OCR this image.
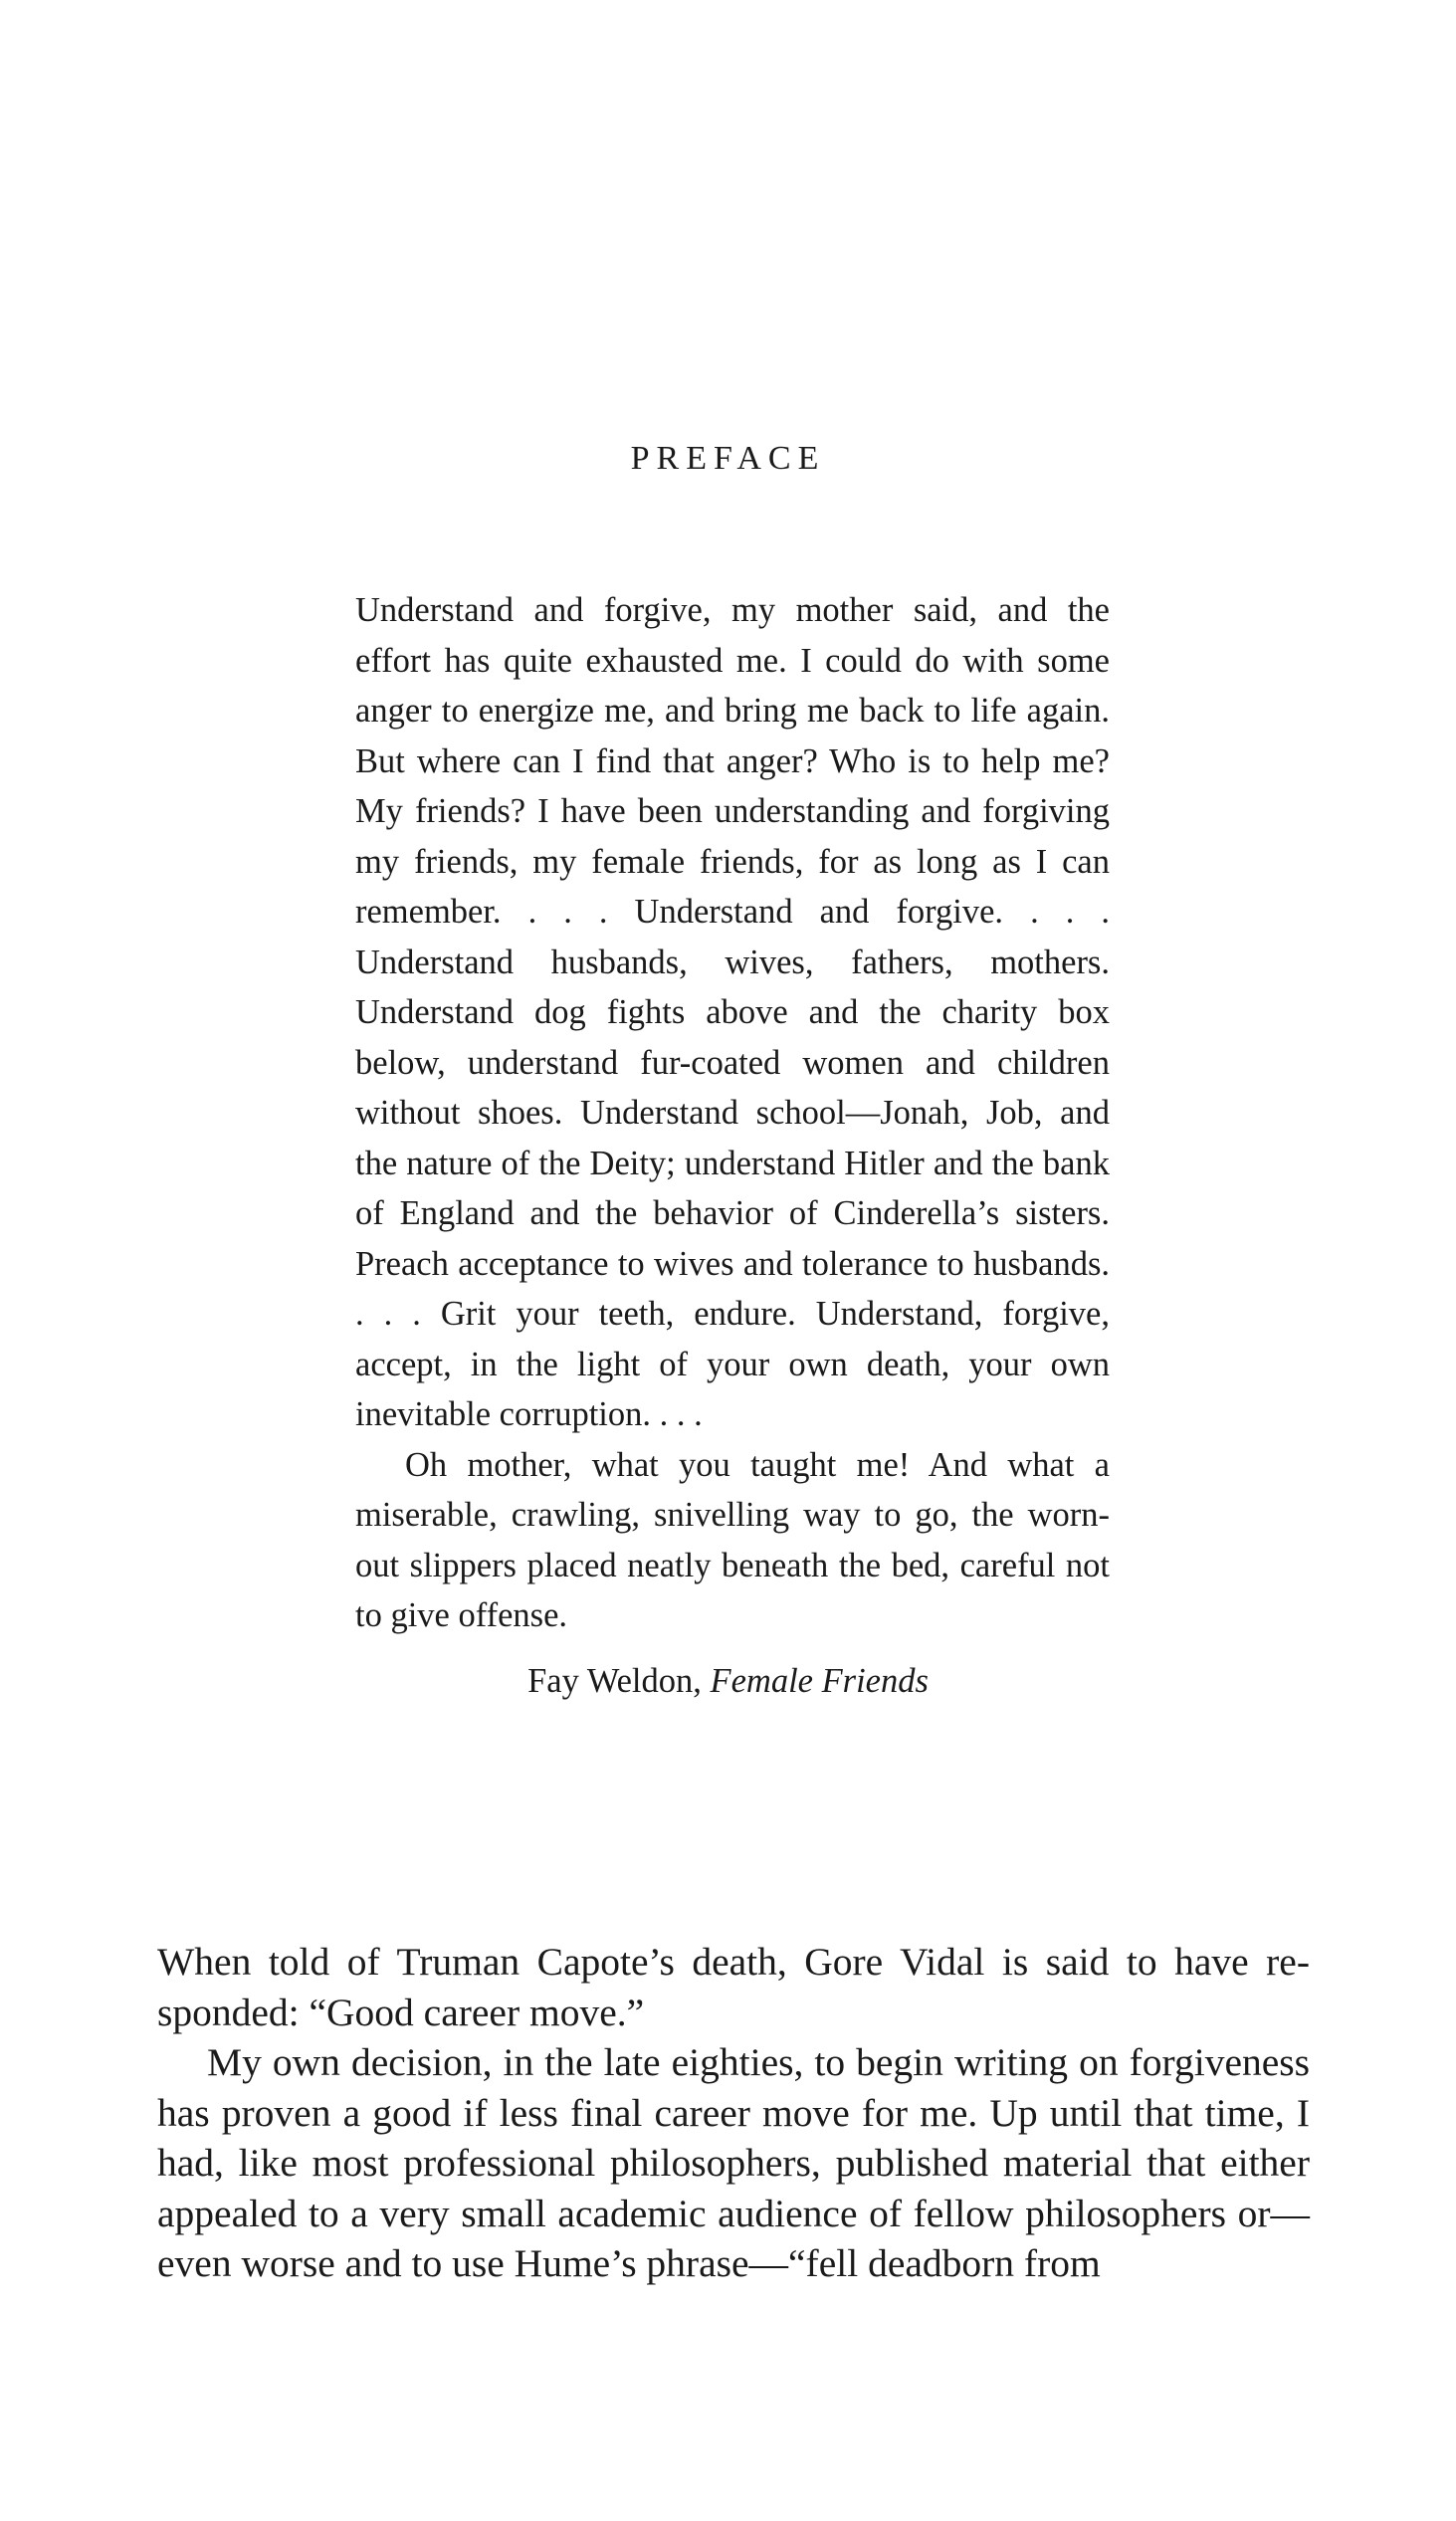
PREFACE

Understand and forgive, my mother said, and the effort has quite exhausted me. I could do with some anger to energize me, and bring me back to life again. But where can I find that anger? Who is to help me? My friends? I have been understanding and forgiving my friends, my female friends, for as long as I can remember. . . . Understand and forgive. . . . Understand husbands, wives, fathers, mothers. Understand dog fights above and the charity box below, understand fur-coated women and children without shoes. Understand school—Jonah, Job, and the nature of the Deity; understand Hitler and the bank of England and the behavior of Cinderella’s sisters. Preach acceptance to wives and tolerance to husbands. . . . Grit your teeth, endure. Understand, forgive, accept, in the light of your own death, your own inevitable corruption. . . .

Oh mother, what you taught me! And what a miserable, crawling, snivelling way to go, the worn-out slippers placed neatly beneath the bed, careful not to give offense.

Fay Weldon, Female Friends

When told of Truman Capote’s death, Gore Vidal is said to have responded: “Good career move.”

My own decision, in the late eighties, to begin writing on forgiveness has proven a good if less final career move for me. Up until that time, I had, like most professional philosophers, published material that either appealed to a very small academic audience of fellow philosophers or—even worse and to use Hume’s phrase—“fell deadborn from
